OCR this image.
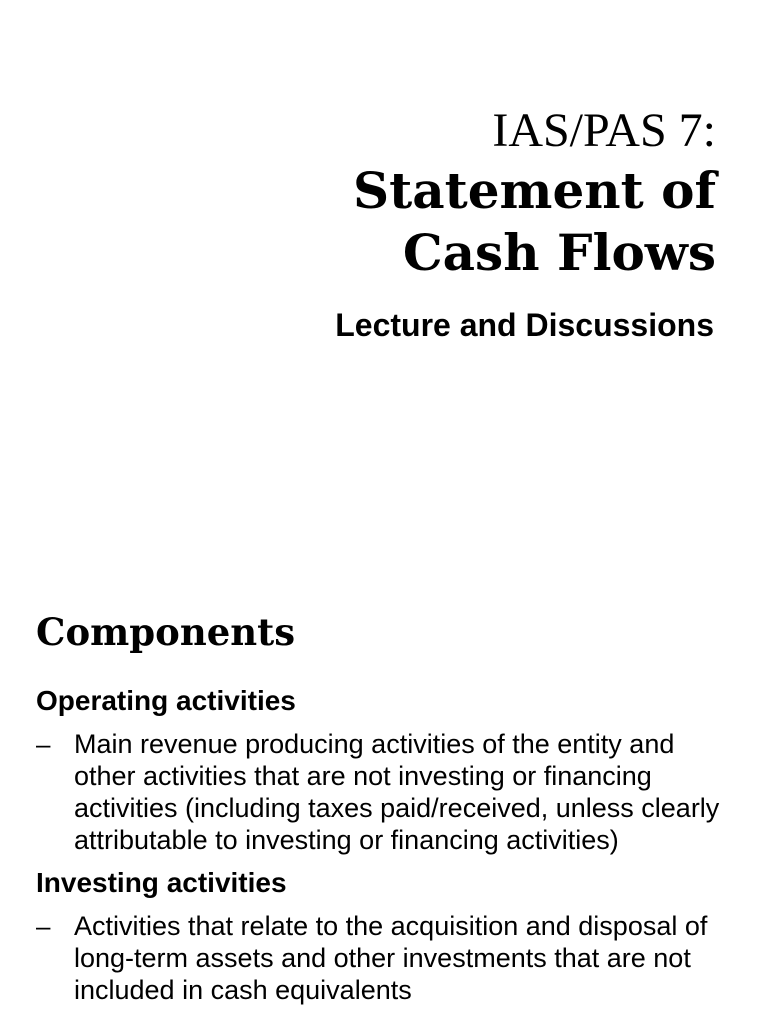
IAS/PAS 7:
Statement of
Cash Flows
Lecture and Discussions
Components
Operating activities

– Main revenue producing activities of the entity and other activities that are not investing or financing activities (including taxes paid/received, unless clearly attributable to investing or financing activities)

Investing activities

– Activities that relate to the acquisition and disposal of long-term assets and other investments that are not included in cash equivalents
